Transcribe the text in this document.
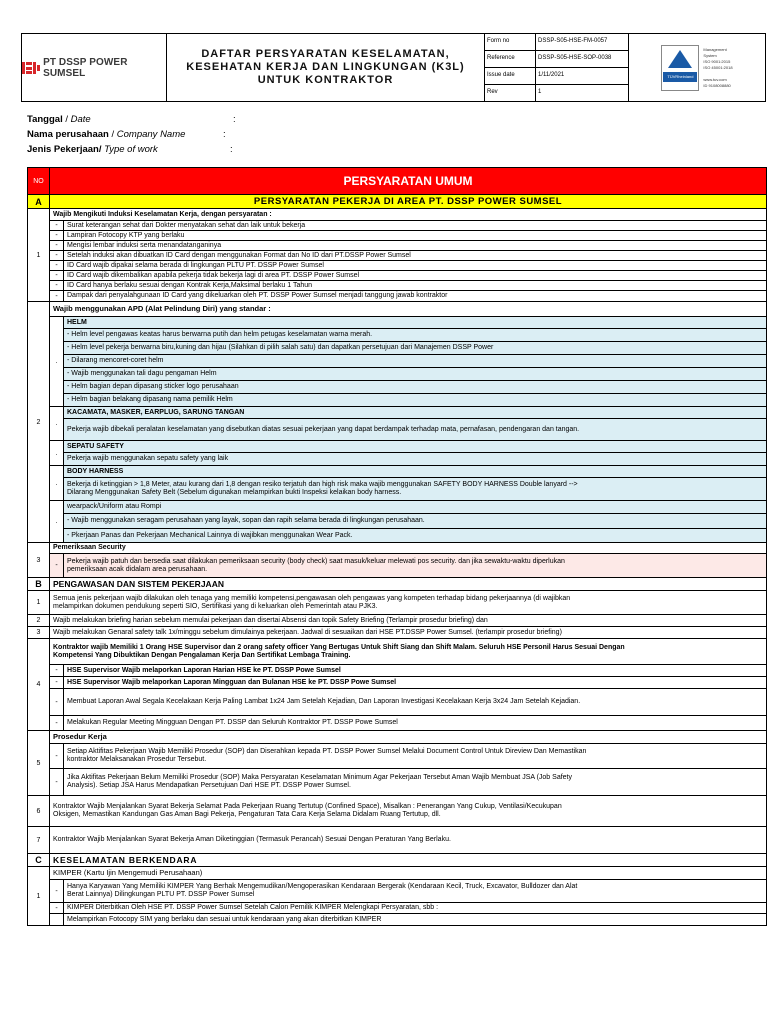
PT DSSP POWER SUMSEL
DAFTAR PERSYARATAN KESELAMATAN,
KESEHATAN KERJA DAN LINGKUNGAN (K3L)
UNTUK KONTRAKTOR
Form no	DSSP-S05-HSE-FM-0057
Reference	DSSP-S05-HSE-SOP-0038
Issue date	1/11/2021
Rev	1
TÜVRheinland CERTIFIED
Management
System
ISO 9001:2015
ISO 45001:2018
www.tuv.com
ID 9108008880
Tanggal / Date	:
Nama perusahaan / Company Name	:
Jenis Pekerjaan/
Type of work	:
NO	PERSYARATAN UMUM
A	PERSYARATAN PEKERJA DI AREA PT. DSSP POWER SUMSEL
1
Wajib Mengikuti Induksi Keselamatan Kerja, dengan persyaratan :
-	Surat keterangan sehat dari Dokter menyatakan sehat dan laik untuk bekerja
-	Lampiran Fotocopy KTP yang berlaku
-	Mengisi lembar induksi serta menandatanganinya
-	Setelah induksi akan dibuatkan ID Card dengan menggunakan Format dan No ID dari PT.DSSP Power Sumsel
-	ID Card wajib dipakai selama berada di lingkungan PLTU PT. DSSP Power Sumsel
-	ID Card wajib dikembalikan apabila pekerja tidak bekerja lagi di area PT. DSSP Power Sumsel
-	ID Card hanya berlaku sesuai dengan Kontrak Kerja,Maksimal berlaku 1 Tahun
-	Dampak dari penyalahgunaan ID Card yang dikeluarkan oleh PT. DSSP Power Sumsel menjadi tanggung jawab kontraktor
2
Wajib menggunakan APD (Alat Pelindung Diri) yang standar :
.
HELM
- Helm level pengawas keatas harus berwarna putih dan helm petugas keselamatan warna merah.
- Helm level pekerja berwarna biru,kuning dan hijau (Silahkan di pilih salah satu) dan dapatkan persetujuan dari Manajemen DSSP Power
- Dilarang mencoret-coret helm
- Wajib menggunakan tali dagu pengaman Helm
- Helm bagian depan dipasang sticker logo perusahaan
- Helm bagian belakang dipasang nama pemilik Helm
.
KACAMATA, MASKER, EARPLUG, SARUNG TANGAN
Pekerja wajib dibekali peralatan keselamatan yang disebutkan diatas sesuai pekerjaan yang dapat berdampak terhadap mata, pernafasan, pendengaran dan tangan.
.
SEPATU SAFETY
Pekerja wajib menggunakan sepatu safety yang laik
.
BODY HARNESS
Bekerja di ketinggian > 1,8 Meter, atau kurang dari 1,8 dengan resiko terjatuh dan high risk maka wajib menggunakan SAFETY BODY HARNESS Double lanyard -->
Dilarang Menggunakan Safety Belt (Sebelum digunakan melampirkan bukti Inspeksi kelaikan body harness.
.
wearpack/Uniform atau Rompi
- Wajib menggunakan seragam perusahaan yang layak, sopan dan rapih selama berada di lingkungan perusahaan.
- Pkerjaan Panas dan Pekerjaan Mechanical Lainnya di wajibkan menggunakan Wear Pack.
3
Pemeriksaan Security
-
Pekerja wajib patuh dan bersedia saat dilakukan pemeriksaan security (body check) saat masuk/keluar melewati pos security. dan jika sewaktu-waktu diperlukan
pemeriksaan acak didalam area perusahaan.
B	PENGAWASAN DAN SISTEM PEKERJAAN
1
Semua jenis pekerjaan wajib dilakukan oleh tenaga yang memiliki kompetensi,pengawasan oleh pengawas yang kompeten terhadap bidang pekerjaannya (di wajibkan
melampirkan dokumen pendukung seperti SIO, Sertifikasi yang di keluarkan oleh Pemerintah atau PJK3.
2	Wajib melakukan briefing harian sebelum memulai pekerjaan dan disertai Absensi dan topik Safety Briefing (Terlampir prosedur briefing) dan
3	Wajib melakukan Genaral safety talk 1x/minggu sebelum dimulainya pekerjaan. Jadwal di sesuaikan dari HSE PT.DSSP Power Sumsel. (terlampir prosedur briefing)
4
Kontraktor wajib Memiliki 1 Orang HSE Supervisor dan 2 orang safety officer Yang Bertugas Untuk Shift Siang dan Shift Malam. Seluruh HSE Personil Harus Sesuai Dengan
Kompetensi Yang Dibuktikan Dengan Pengalaman Kerja Dan Sertifikat Lembaga Training.
-	HSE Supervisor Wajib melaporkan Laporan Harian HSE ke PT. DSSP Powe Sumsel
-	HSE Supervisor Wajib melaporkan Laporan Mingguan dan Bulanan HSE ke PT. DSSP Powe Sumsel
-	Membuat Laporan Awal Segala Kecelakaan Kerja Paling Lambat 1x24 Jam Setelah Kejadian, Dan Laporan Investigasi Kecelakaan Kerja 3x24 Jam Setelah Kejadian.
-	Melakukan Regular Meeting Mingguan Dengan PT. DSSP dan Seluruh Kontraktor PT. DSSP Powe Sumsel
5
Prosedur Kerja
-
Setiap Aktifitas Pekerjaan Wajib Memiliki Prosedur (SOP) dan Diserahkan kepada PT. DSSP Power Sumsel Melalui Document Control Untuk Direview Dan Memastikan
kontraktor Melaksanakan Prosedur Tersebut.
-
Jika Aktifitas Pekerjaan Belum Memiliki Prosedur (SOP) Maka Persyaratan Keselamatan Minimum Agar Pekerjaan Tersebut Aman Wajib Membuat JSA (Job Safety
Analysis). Setiap JSA Harus Mendapatkan Persetujuan Dari HSE PT. DSSP Power Sumsel.
6
Kontraktor Wajib Menjalankan Syarat Bekerja Selamat Pada Pekerjaan Ruang Tertutup (Confined Space), Misalkan : Penerangan Yang Cukup, Ventilasi/Kecukupan
Oksigen, Memastikan Kandungan Gas Aman Bagi Pekerja, Pengaturan Tata Cara Kerja Selama Didalam Ruang Tertutup, dll.
7	Kontraktor Wajib Menjalankan Syarat Bekerja Aman Diketinggian (Termasuk Perancah) Sesuai Dengan Peraturan Yang Berlaku.
C	KESELAMATAN BERKENDARA
1
KIMPER (Kartu Ijin Mengemudi Perusahaan)
-
Hanya Karyawan Yang Memiliki KIMPER Yang Berhak Mengemudikan/Mengoperasikan Kendaraan Bergerak (Kendaraan Kecil, Truck, Excavator, Bulldozer dan Alat
Berat Lainnya) Dilingkungan PLTU PT. DSSP Power Sumsel
-	KIMPER Diterbitkan Oleh HSE PT. DSSP Power Sumsel Setelah Calon Pemilik KIMPER Melengkapi Persyaratan, sbb :
Melampirkan Fotocopy SIM yang berlaku dan sesuai untuk kendaraan yang akan diterbitkan KIMPER
